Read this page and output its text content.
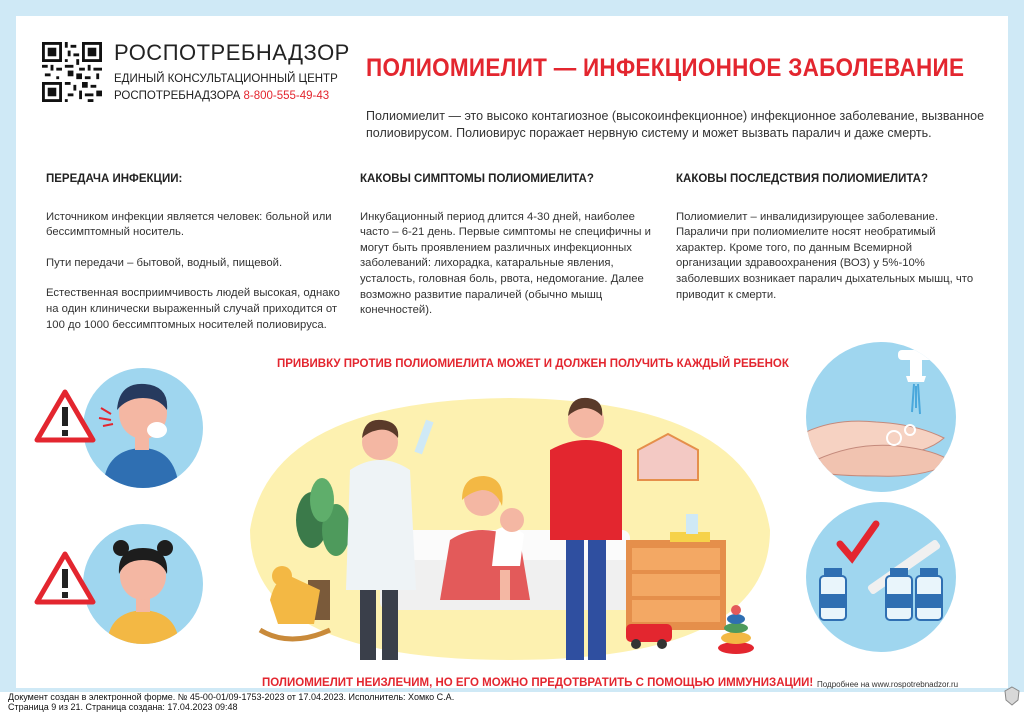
РОСПОТРЕБНАДЗОР
ЕДИНЫЙ КОНСУЛЬТАЦИОННЫЙ ЦЕНТР
РОСПОТРЕБНАДЗОРА 8-800-555-49-43
ПОЛИОМИЕЛИТ — ИНФЕКЦИОННОЕ ЗАБОЛЕВАНИЕ
Полиомиелит — это высоко контагиозное (высокоинфекционное) инфекционное заболевание, вызванное полиовирусом. Полиовирус поражает нервную систему и может вызвать паралич и даже смерть.
ПЕРЕДАЧА ИНФЕКЦИИ:

Источником инфекции является человек: больной или бессимптомный носитель.

Пути передачи – бытовой, водный, пищевой.

Естественная восприимчивость людей высокая, однако на один клинически выраженный случай приходится от 100 до 1000 бессимптомных носителей полиовируса.

КАКОВЫ СИМПТОМЫ ПОЛИОМИЕЛИТА?

Инкубационный период длится 4-30 дней, наиболее часто – 6-21 день. Первые симптомы не специфичны и могут быть проявлением различных инфекционных заболеваний: лихорадка, катаральные явления, усталость, головная боль, рвота, недомогание. Далее возможно развитие параличей (обычно мышц конечностей).

КАКОВЫ ПОСЛЕДСТВИЯ ПОЛИОМИЕЛИТА?

Полиомиелит – инвалидизирующее заболевание. Параличи при полиомиелите носят необратимый характер. Кроме того, по данным Всемирной организации здравоохранения (ВОЗ) у 5%-10% заболевших возникает паралич дыхательных мышц, что приводит к смерти.

ПРИВИВКУ ПРОТИВ ПОЛИОМИЕЛИТА МОЖЕТ И ДОЛЖЕН ПОЛУЧИТЬ КАЖДЫЙ РЕБЕНОК
ПОЛИОМИЕЛИТ НЕИЗЛЕЧИМ, НО ЕГО МОЖНО ПРЕДОТВРАТИТЬ С ПОМОЩЬЮ ИММУНИЗАЦИИ! Подробнее на www.rospotrebnadzor.ru
Документ создан в электронной форме. № 45-00-01/09-1753-2023 от 17.04.2023. Исполнитель: Хомко С.А.
Страница 9 из 21. Страница создана: 17.04.2023 09:48
